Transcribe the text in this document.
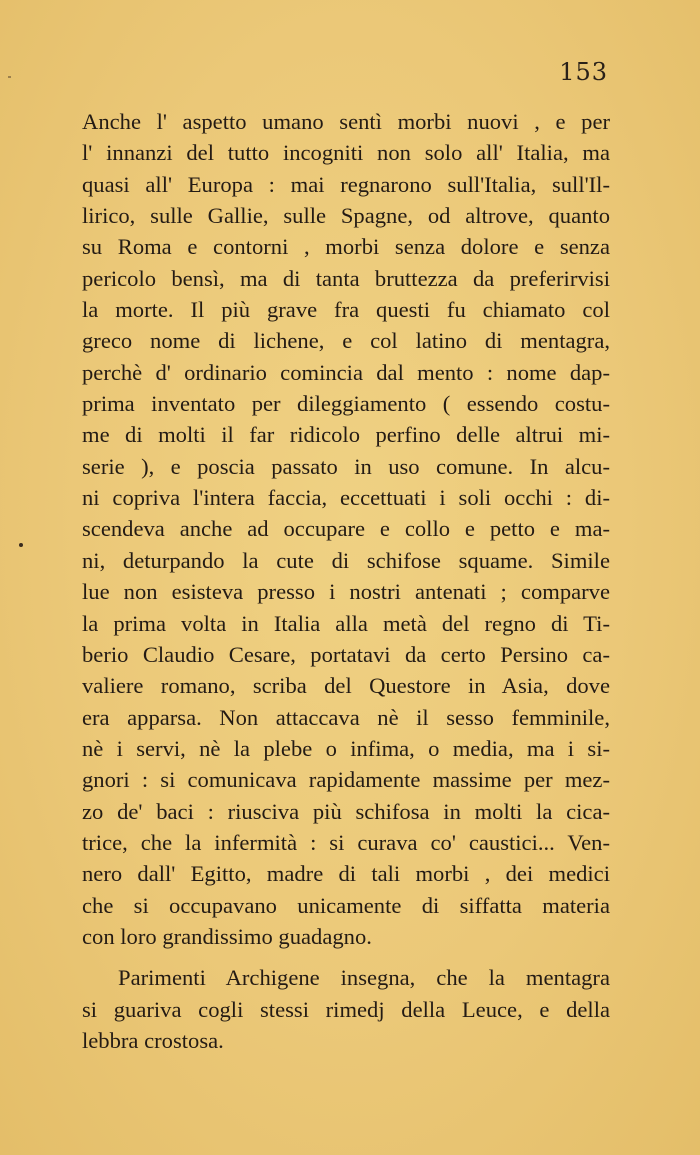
153
Anche l' aspetto umano sentì morbi nuovi , e per
l' innanzi del tutto incogniti non solo all' Italia, ma
quasi all' Europa : mai regnarono sull'Italia, sull'Il-
lirico, sulle Gallie, sulle Spagne, od altrove, quanto
su Roma e contorni , morbi senza dolore e senza
pericolo bensì, ma di tanta bruttezza da preferirvisi
la morte. Il più grave fra questi fu chiamato col
greco nome di lichene, e col latino di mentagra,
perchè d' ordinario comincia dal mento : nome dap-
prima inventato per dileggiamento ( essendo costu-
me di molti il far ridicolo perfino delle altrui mi-
serie ), e poscia passato in uso comune. In alcu-
ni copriva l'intera faccia, eccettuati i soli occhi : di-
scendeva anche ad occupare e collo e petto e ma-
ni, deturpando la cute di schifose squame. Simile
lue non esisteva presso i nostri antenati ; comparve
la prima volta in Italia alla metà del regno di Ti-
berio Claudio Cesare, portatavi da certo Persino ca-
valiere romano, scriba del Questore in Asia, dove
era apparsa. Non attaccava nè il sesso femminile,
nè i servi, nè la plebe o infima, o media, ma i si-
gnori : si comunicava rapidamente massime per mez-
zo de' baci : riusciva più schifosa in molti la cica-
trice, che la infermità : si curava co' caustici... Ven-
nero dall' Egitto, madre di tali morbi , dei medici
che si occupavano unicamente di siffatta materia
con loro grandissimo guadagno.
Parimenti Archigene insegna, che la mentagra
si guariva cogli stessi rimedj della Leuce, e della
lebbra crostosa.
